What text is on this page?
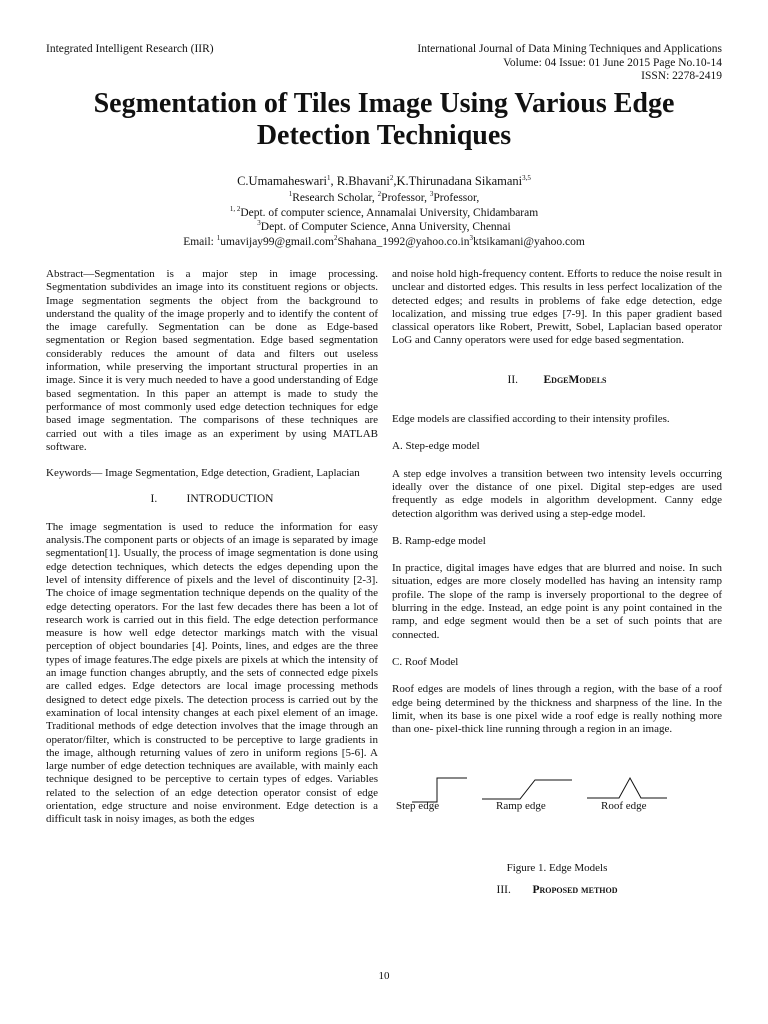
Integrated Intelligent Research (IIR)	International Journal of Data Mining Techniques and Applications
Volume: 04 Issue: 01 June 2015 Page No.10-14
ISSN: 2278-2419
Segmentation of Tiles Image Using Various Edge
Detection Techniques
C.Umamaheswari$^1$, R.Bhavani$^2$,K.Thirunadana Sikamani$^{3,5}$
$^1$Research Scholar, $^2$Professor, $^3$Professor,
$^{1, 2}$Dept. of computer science, Annamalai University, Chidambaram
$^3$Dept. of Computer Science, Anna University, Chennai
Email: $^1umavijay99@gmail.com^2Shahana\_1992@yahoo.co.in^3ktsikamani@yahoo.com$

Abstract—Segmentation is a major step in image processing. Segmentation subdivides an image into its constituent regions or objects. Image segmentation segments the object from the background to understand the quality of the image properly and to identify the content of the image carefully. Segmentation can be done as Edge-based segmentation or Region based segmentation. Edge based segmentation considerably reduces the amount of data and filters out useless information, while preserving the important structural properties in an image. Since it is very much needed to have a good understanding of Edge based segmentation. In this paper an attempt is made to study the performance of most commonly used edge detection techniques for edge based image segmentation. The comparisons of these techniques are carried out with a tiles image as an experiment by using MATLAB software.

Keywords— Image Segmentation, Edge detection, Gradient, Laplacian

I.	INTRODUCTION

The image segmentation is used to reduce the information for easy analysis.The component parts or objects of an image is separated by image segmentation[1]. Usually, the process of image segmentation is done using edge detection techniques, which detects the edges depending upon the level of intensity difference of pixels and the level of discontinuity [2-3]. The choice of image segmentation technique depends on the quality of the edge detecting operators. For the last few decades there has been a lot of research work is carried out in this field. The edge detection performance measure is how well edge detector markings match with the visual perception of object boundaries [4]. Points, lines, and edges are the three types of image features.The edge pixels are pixels at which the intensity of an image function changes abruptly, and the sets of connected edge pixels are called edges. Edge detectors are local image processing methods designed to detect edge pixels. The detection process is carried out by the examination of local intensity changes at each pixel element of an image. Traditional methods of edge detection involves that the image through an operator/filter, which is constructed to be perceptive to large gradients in the image, although returning values of zero in uniform regions [5-6]. A large number of edge detection techniques are available, with mainly each technique designed to be perceptive to certain types of edges. Variables related to the selection of an edge detection operator consist of edge orientation, edge structure and noise environment. Edge detection is a difficult task in noisy images, as both the edges

and noise hold high-frequency content. Efforts to reduce the noise result in unclear and distorted edges. This results in less perfect localization of the detected edges; and results in problems of fake edge detection, edge localization, and missing true edges [7-9]. In this paper gradient based classical operators like Robert, Prewitt, Sobel, Laplacian based operator LoG and Canny operators were used for edge based segmentation.

II. EdgeModels

Edge models are classified according to their intensity profiles.

A. Step-edge model

A step edge involves a transition between two intensity levels occurring ideally over the distance of one pixel. Digital step-edges are used frequently as edge models in algorithm development. Canny edge detection algorithm was derived using a step-edge model.

B. Ramp-edge model

In practice, digital images have edges that are blurred and noise. In such situation, edges are more closely modelled has having an intensity ramp profile. The slope of the ramp is inversely proportional to the degree of blurring in the edge. Instead, an edge point is any point contained in the ramp, and edge segment would then be a set of such points that are connected.

C. Roof Model

Roof edges are models of lines through a region, with the base of a roof edge being determined by the thickness and sharpness of the line. In the limit, when its base is one pixel wide a roof edge is really nothing more than one- pixel-thick line running through a region in an image.

Step edge	Ramp edge	Roof edge

Figure 1. Edge Models

III. Proposed method

10
